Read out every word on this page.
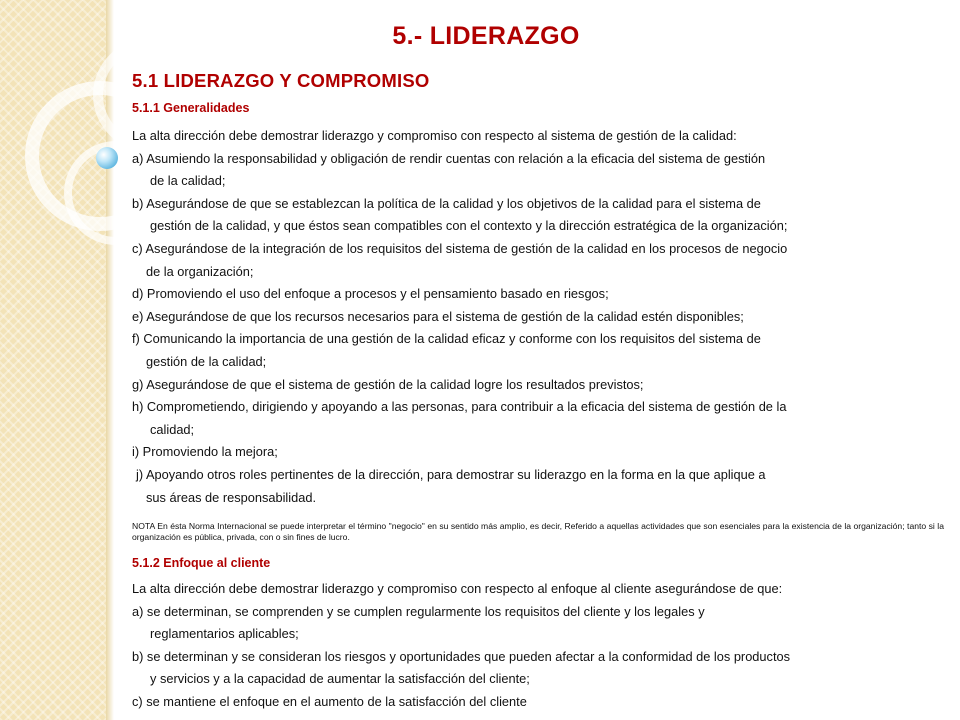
5.- LIDERAZGO
5.1 LIDERAZGO Y COMPROMISO
5.1.1 Generalidades
La alta dirección debe demostrar liderazgo y compromiso con respecto al sistema de gestión de la calidad:
a) Asumiendo la responsabilidad y obligación de rendir cuentas con relación a la eficacia del sistema de gestión
de la calidad;
b) Asegurándose de que se establezcan la política de la calidad y los objetivos de la calidad para el sistema de
gestión de la calidad, y que éstos sean compatibles con el contexto y la dirección estratégica de la organización;
c) Asegurándose de la integración de los requisitos del sistema de gestión de la calidad en los procesos de negocio
de la organización;
d) Promoviendo el uso del enfoque a procesos y el pensamiento basado en riesgos;
e) Asegurándose de que los recursos necesarios para el sistema de gestión de la calidad estén disponibles;
f) Comunicando la importancia de una gestión de la calidad eficaz y conforme con los requisitos del sistema de
gestión de la calidad;
g) Asegurándose de que el sistema de gestión de la calidad logre los resultados previstos;
h) Comprometiendo, dirigiendo y apoyando a las personas, para contribuir a la eficacia del sistema de gestión de la
calidad;
i) Promoviendo la mejora;
j) Apoyando otros roles pertinentes de la dirección, para demostrar su liderazgo en la forma en la que aplique a
sus áreas de responsabilidad.

NOTA En ésta Norma Internacional se puede interpretar el término "negocio" en su sentido más amplio, es decir, Referido a aquellas actividades que son esenciales para la existencia de la organización; tanto si la organización es pública, privada, con o sin fines de lucro.

5.1.2 Enfoque al cliente
La alta dirección debe demostrar liderazgo y compromiso con respecto al enfoque al cliente asegurándose de que:
a) se determinan, se comprenden y se cumplen regularmente los requisitos del cliente y los legales y
reglamentarios aplicables;
b) se determinan y se consideran los riesgos y oportunidades que pueden afectar a la conformidad de los productos
y servicios y a la capacidad de aumentar la satisfacción del cliente;
c) se mantiene el enfoque en el aumento de la satisfacción del cliente
